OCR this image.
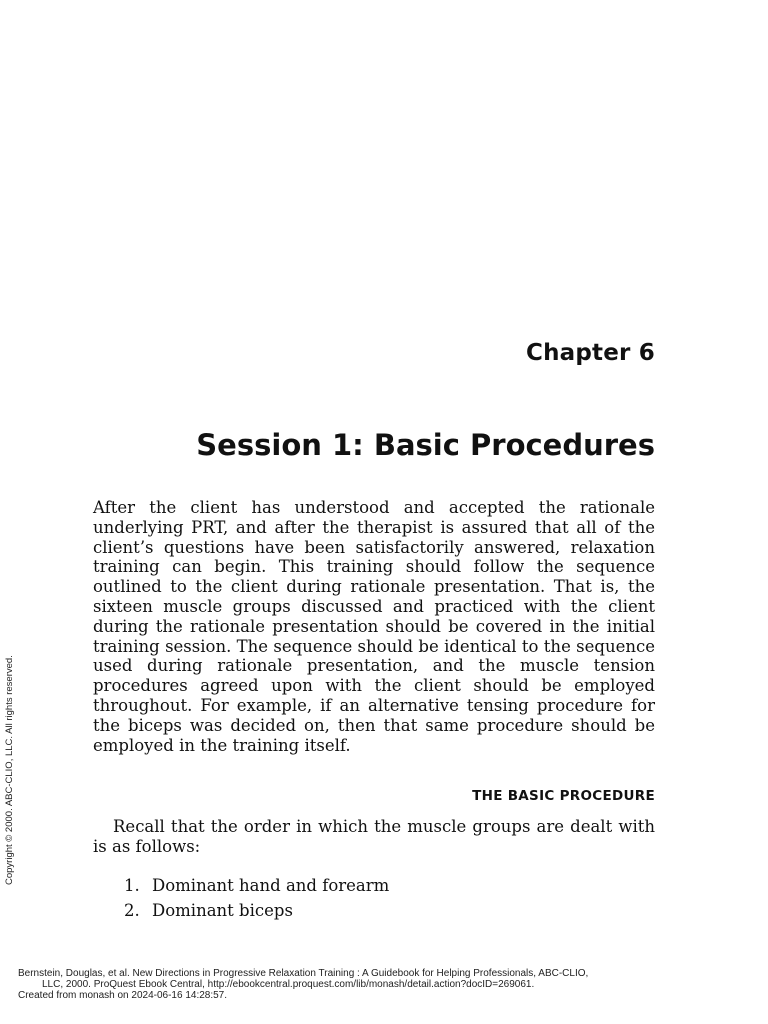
Chapter 6
Session 1: Basic Procedures

After the client has understood and accepted the rationale underlying PRT, and after the therapist is assured that all of the client’s questions have been satisfactorily answered, relaxation training can begin. This training should follow the sequence outlined to the client during rationale presentation. That is, the sixteen muscle groups discussed and practiced with the client during the rationale presentation should be covered in the initial training session. The sequence should be identical to the sequence used during rationale presentation, and the muscle tension procedures agreed upon with the client should be employed throughout. For example, if an alternative tensing procedure for the biceps was decided on, then that same procedure should be employed in the training itself.

THE BASIC PROCEDURE

Recall that the order in which the muscle groups are dealt with is as follows:

1. Dominant hand and forearm
2. Dominant biceps
Copyright © 2000. ABC-CLIO, LLC. All rights reserved.
Bernstein, Douglas, et al. New Directions in Progressive Relaxation Training : A Guidebook for Helping Professionals, ABC-CLIO,
LLC, 2000. ProQuest Ebook Central, http://ebookcentral.proquest.com/lib/monash/detail.action?docID=269061.
Created from monash on 2024-06-16 14:28:57.
